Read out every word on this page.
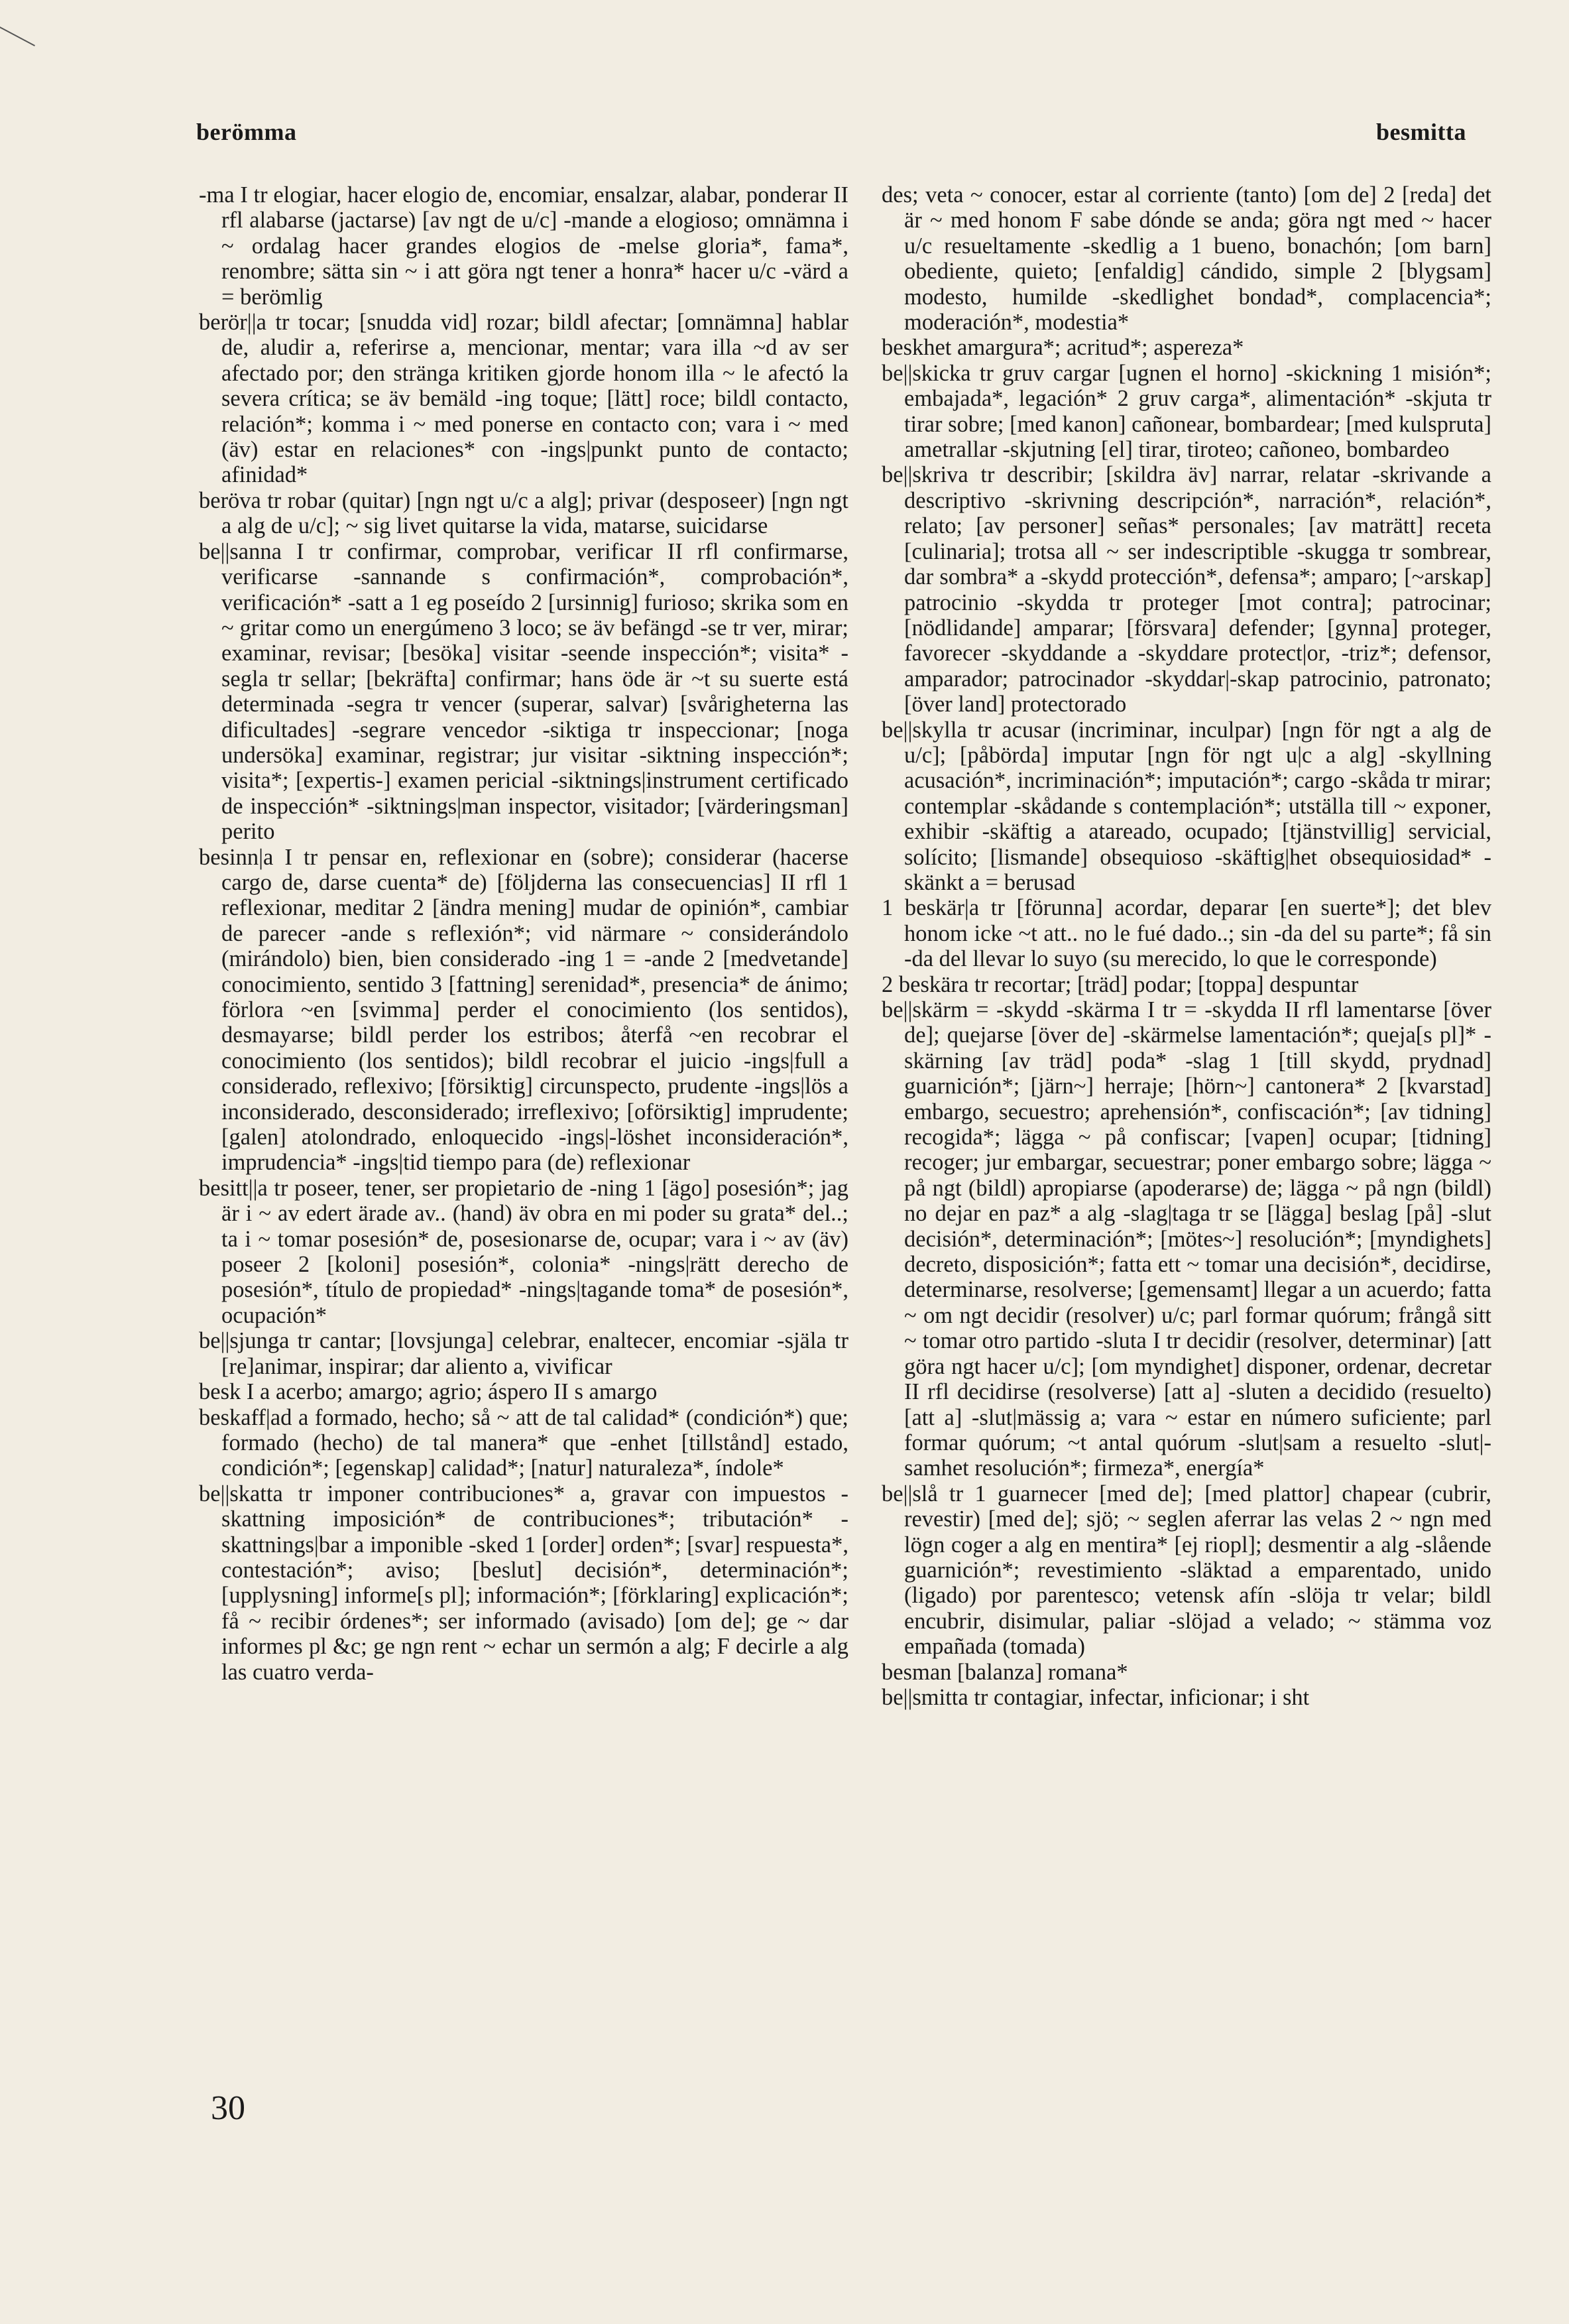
berömma	besmitta

-ma I tr elogiar, hacer elogio de, encomiar, ensalzar, alabar, ponderar II rfl alabarse (jactarse) [av ngt de u/c] -mande a elogioso; omnämna i ~ ordalag hacer grandes elogios de -melse gloria*, fama*, renombre; sätta sin ~ i att göra ngt tener a honra* hacer u/c -värd a = berömlig

berör||a tr tocar; [snudda vid] rozar; bildl afectar; [omnämna] hablar de, aludir a, referirse a, mencionar, mentar; vara illa ~d av ser afectado por; den stränga kritiken gjorde honom illa ~ le afectó la severa crítica; se äv bemäld -ing toque; [lätt] roce; bildl contacto, relación*; komma i ~ med ponerse en contacto con; vara i ~ med (äv) estar en relaciones* con -ings|punkt punto de contacto; afinidad*

beröva tr robar (quitar) [ngn ngt u/c a alg]; privar (desposeer) [ngn ngt a alg de u/c]; ~ sig livet quitarse la vida, matarse, suicidarse

be||sanna I tr confirmar, comprobar, verificar II rfl confirmarse, verificarse -sannande s confirmación*, comprobación*, verificación* -satt a 1 eg poseído 2 [ursinnig] furioso; skrika som en ~ gritar como un energúmeno 3 loco; se äv befängd -se tr ver, mirar; examinar, revisar; [besöka] visitar -seende inspección*; visita* -segla tr sellar; [bekräfta] confirmar; hans öde är ~t su suerte está determinada -segra tr vencer (superar, salvar) [svårigheterna las dificultades] -segrare vencedor -siktiga tr inspeccionar; [noga undersöka] examinar, registrar; jur visitar -siktning inspección*; visita*; [expertis-] examen pericial -siktnings|instrument certificado de inspección* -siktnings|man inspector, visitador; [värderingsman] perito

besinn|a I tr pensar en, reflexionar en (sobre); considerar (hacerse cargo de, darse cuenta* de) [följderna las consecuencias] II rfl 1 reflexionar, meditar 2 [ändra mening] mudar de opinión*, cambiar de parecer -ande s reflexión*; vid närmare ~ considerándolo (mirándolo) bien, bien considerado -ing 1 = -ande 2 [medvetande] conocimiento, sentido 3 [fattning] serenidad*, presencia* de ánimo; förlora ~en [svimma] perder el conocimiento (los sentidos), desmayarse; bildl perder los estribos; återfå ~en recobrar el conocimiento (los sentidos); bildl recobrar el juicio -ings|full a considerado, reflexivo; [försiktig] circunspecto, prudente -ings|lös a inconsiderado, desconsiderado; irreflexivo; [oförsiktig] imprudente; [galen] atolondrado, enloquecido -ings|-löshet inconsideración*, imprudencia* -ings|tid tiempo para (de) reflexionar

besitt||a tr poseer, tener, ser propietario de -ning 1 [ägo] posesión*; jag är i ~ av edert ärade av.. (hand) äv obra en mi poder su grata* del..; ta i ~ tomar posesión* de, posesionarse de, ocupar; vara i ~ av (äv) poseer 2 [koloni] posesión*, colonia* -nings|rätt derecho de posesión*, título de propiedad* -nings|tagande toma* de posesión*, ocupación*

be||sjunga tr cantar; [lovsjunga] celebrar, enaltecer, encomiar -själa tr [re]animar, inspirar; dar aliento a, vivificar

besk I a acerbo; amargo; agrio; áspero II s amargo

beskaff|ad a formado, hecho; så ~ att de tal calidad* (condición*) que; formado (hecho) de tal manera* que -enhet [tillstånd] estado, condición*; [egenskap] calidad*; [natur] naturaleza*, índole*

be||skatta tr imponer contribuciones* a, gravar con impuestos -skattning imposición* de contribuciones*; tributación* -skattnings|bar a imponible -sked 1 [order] orden*; [svar] respuesta*, contestación*; aviso; [beslut] decisión*, determinación*; [upplysning] informe[s pl]; información*; [förklaring] explicación*; få ~ recibir órdenes*; ser informado (avisado) [om de]; ge ~ dar informes pl &c; ge ngn rent ~ echar un sermón a alg; F decirle a alg las cuatro verda-

des; veta ~ conocer, estar al corriente (tanto) [om de] 2 [reda] det är ~ med honom F sabe dónde se anda; göra ngt med ~ hacer u/c resueltamente -skedlig a 1 bueno, bonachón; [om barn] obediente, quieto; [enfaldig] cándido, simple 2 [blygsam] modesto, humilde -skedlighet bondad*, complacencia*; moderación*, modestia*

beskhet amargura*; acritud*; aspereza*

be||skicka tr gruv cargar [ugnen el horno] -skickning 1 misión*; embajada*, legación* 2 gruv carga*, alimentación* -skjuta tr tirar sobre; [med kanon] cañonear, bombardear; [med kulspruta] ametrallar -skjutning [el] tirar, tiroteo; cañoneo, bombardeo

be||skriva tr describir; [skildra äv] narrar, relatar -skrivande a descriptivo -skrivning descripción*, narración*, relación*, relato; [av personer] señas* personales; [av maträtt] receta [culinaria]; trotsa all ~ ser indescriptible -skugga tr sombrear, dar sombra* a -skydd protección*, defensa*; amparo; [~arskap] patrocinio -skydda tr proteger [mot contra]; patrocinar; [nödlidande] amparar; [försvara] defender; [gynna] proteger, favorecer -skyddande a -skyddare protect|or, -triz*; defensor, amparador; patrocinador -skyddar|-skap patrocinio, patronato; [över land] protectorado

be||skylla tr acusar (incriminar, inculpar) [ngn för ngt a alg de u/c]; [påbörda] imputar [ngn för ngt u|c a alg] -skyllning acusación*, incriminación*; imputación*; cargo -skåda tr mirar; contemplar -skådande s contemplación*; utställa till ~ exponer, exhibir -skäftig a atareado, ocupado; [tjänstvillig] servicial, solícito; [lismande] obsequioso -skäftig|het obsequiosidad* -skänkt a = berusad

1 beskär|a tr [förunna] acordar, deparar [en suerte*]; det blev honom icke ~t att.. no le fué dado..; sin -da del su parte*; få sin -da del llevar lo suyo (su merecido, lo que le corresponde)

2 beskära tr recortar; [träd] podar; [toppa] despuntar

be||skärm = -skydd -skärma I tr = -skydda II rfl lamentarse [över de]; quejarse [över de] -skärmelse lamentación*; queja[s pl]* -skärning [av träd] poda* -slag 1 [till skydd, prydnad] guarnición*; [järn~] herraje; [hörn~] cantonera* 2 [kvarstad] embargo, secuestro; aprehensión*, confiscación*; [av tidning] recogida*; lägga ~ på confiscar; [vapen] ocupar; [tidning] recoger; jur embargar, secuestrar; poner embargo sobre; lägga ~ på ngt (bildl) apropiarse (apoderarse) de; lägga ~ på ngn (bildl) no dejar en paz* a alg -slag|taga tr se [lägga] beslag [på] -slut decisión*, determinación*; [mötes~] resolución*; [myndighets] decreto, disposición*; fatta ett ~ tomar una decisión*, decidirse, determinarse, resolverse; [gemensamt] llegar a un acuerdo; fatta ~ om ngt decidir (resolver) u/c; parl formar quórum; frångå sitt ~ tomar otro partido -sluta I tr decidir (resolver, determinar) [att göra ngt hacer u/c]; [om myndighet] disponer, ordenar, decretar II rfl decidirse (resolverse) [att a] -sluten a decidido (resuelto) [att a] -slut|mässig a; vara ~ estar en número suficiente; parl formar quórum; ~t antal quórum -slut|sam a resuelto -slut|-samhet resolución*; firmeza*, energía*

be||slå tr 1 guarnecer [med de]; [med plattor] chapear (cubrir, revestir) [med de]; sjö; ~ seglen aferrar las velas 2 ~ ngn med lögn coger a alg en mentira* [ej riopl]; desmentir a alg -slående guarnición*; revestimiento -släktad a emparentado, unido (ligado) por parentesco; vetensk afín -slöja tr velar; bildl encubrir, disimular, paliar -slöjad a velado; ~ stämma voz empañada (tomada)

besman [balanza] romana*

be||smitta tr contagiar, infectar, inficionar; i sht

30
